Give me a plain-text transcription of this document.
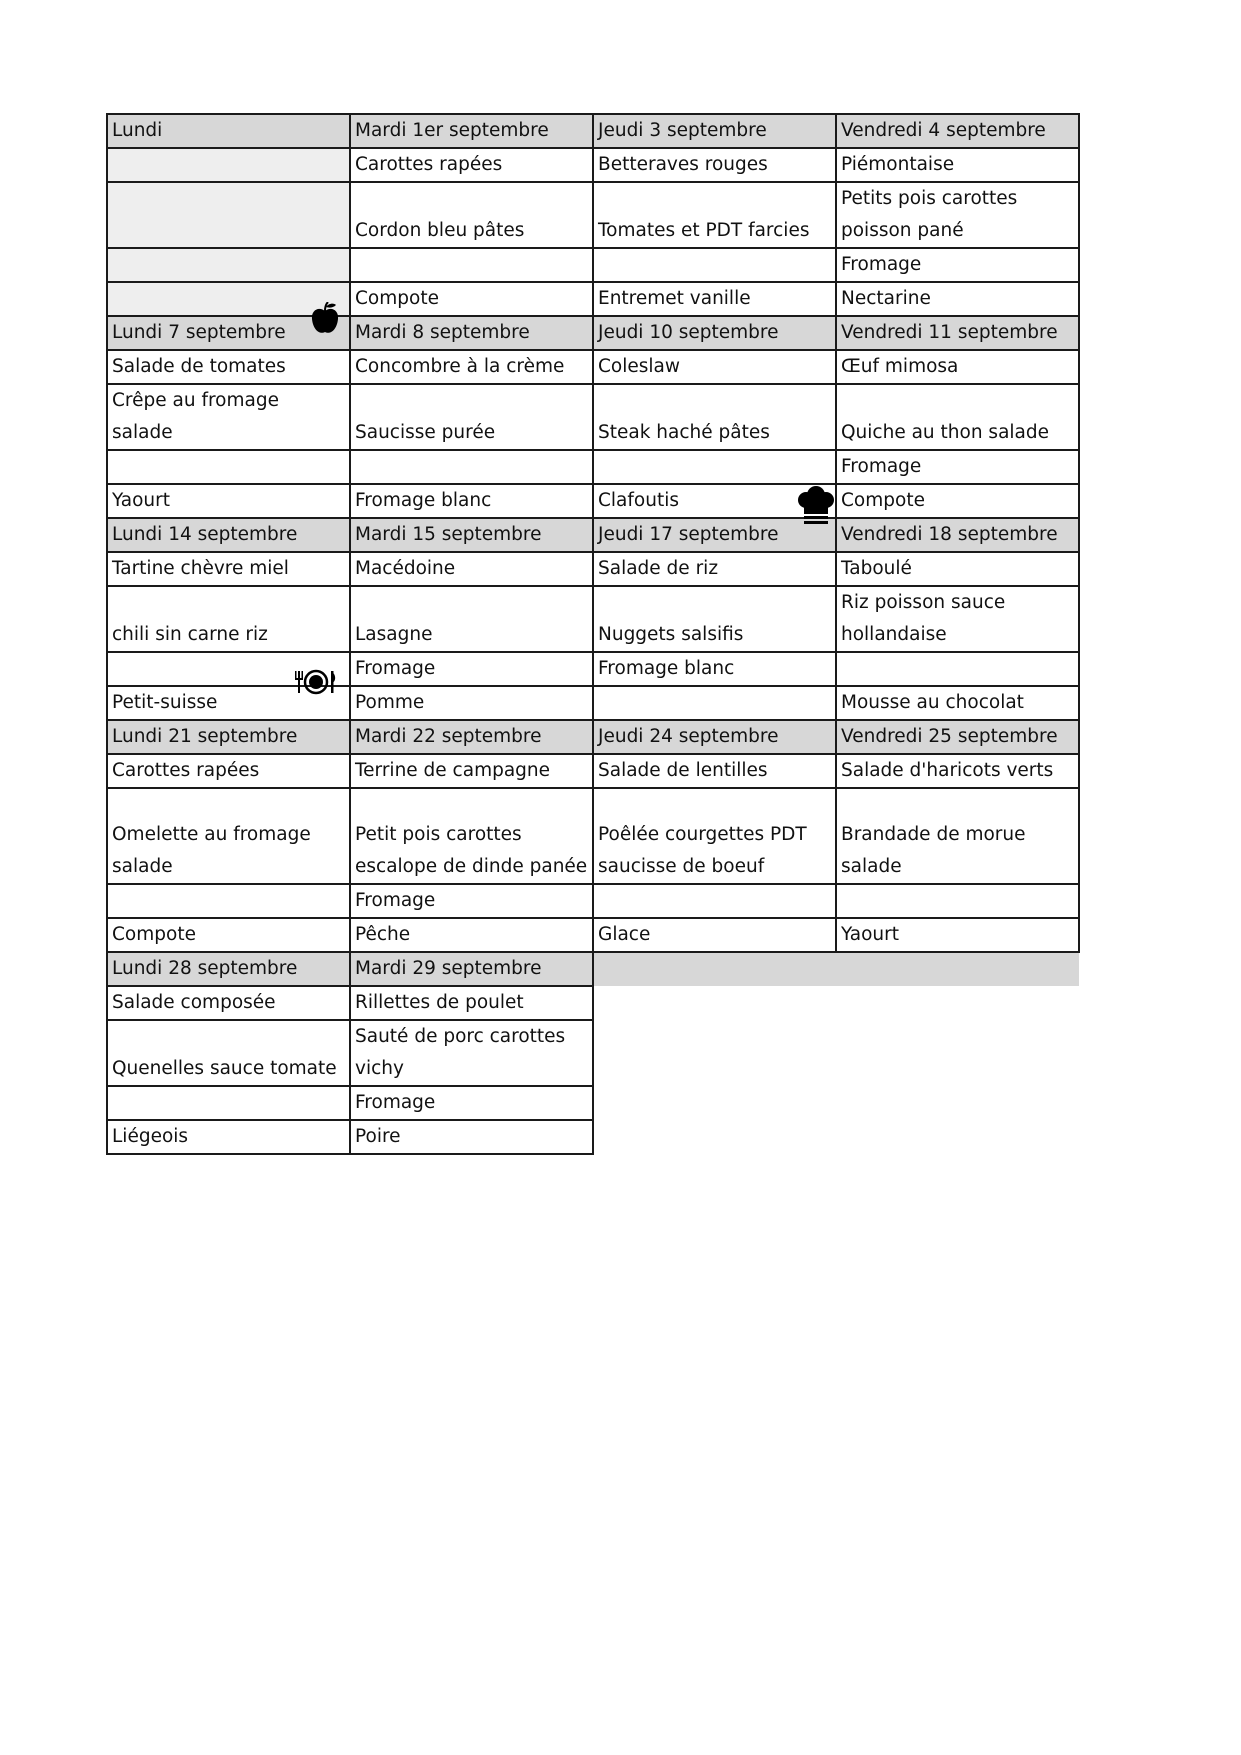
Lundi	Mardi 1er septembre	Jeudi 3 septembre	Vendredi 4 septembre
	Carottes rapées	Betteraves rouges	Piémontaise
	Cordon bleu pâtes	Tomates et PDT farcies	Petits pois carottes poisson pané
			Fromage
	Compote	Entremet vanille	Nectarine
Lundi 7 septembre	Mardi 8 septembre	Jeudi 10 septembre	Vendredi 11 septembre
Salade de tomates	Concombre à la crème	Coleslaw	Œuf mimosa
Crêpe au fromage salade	Saucisse purée	Steak haché pâtes	Quiche au thon salade
			Fromage
Yaourt	Fromage blanc	Clafoutis	Compote
Lundi 14 septembre	Mardi 15 septembre	Jeudi 17 septembre	Vendredi 18 septembre
Tartine chèvre miel	Macédoine	Salade de riz	Taboulé
chili sin carne riz	Lasagne	Nuggets salsifis	Riz poisson sauce hollandaise
	Fromage	Fromage blanc	
Petit-suisse	Pomme		Mousse au chocolat
Lundi 21 septembre	Mardi 22 septembre	Jeudi 24 septembre	Vendredi 25 septembre
Carottes rapées	Terrine de campagne	Salade de lentilles	Salade d'haricots verts
Omelette au fromage salade	Petit pois carottes escalope de dinde panée	Poêlée courgettes PDT saucisse de boeuf	Brandade de morue salade
	Fromage		
Compote	Pêche	Glace	Yaourt
Lundi 28 septembre	Mardi 29 septembre		
Salade composée	Rillettes de poulet		
Quenelles sauce tomate	Sauté de porc carottes vichy		
	Fromage		
Liégeois	Poire		
